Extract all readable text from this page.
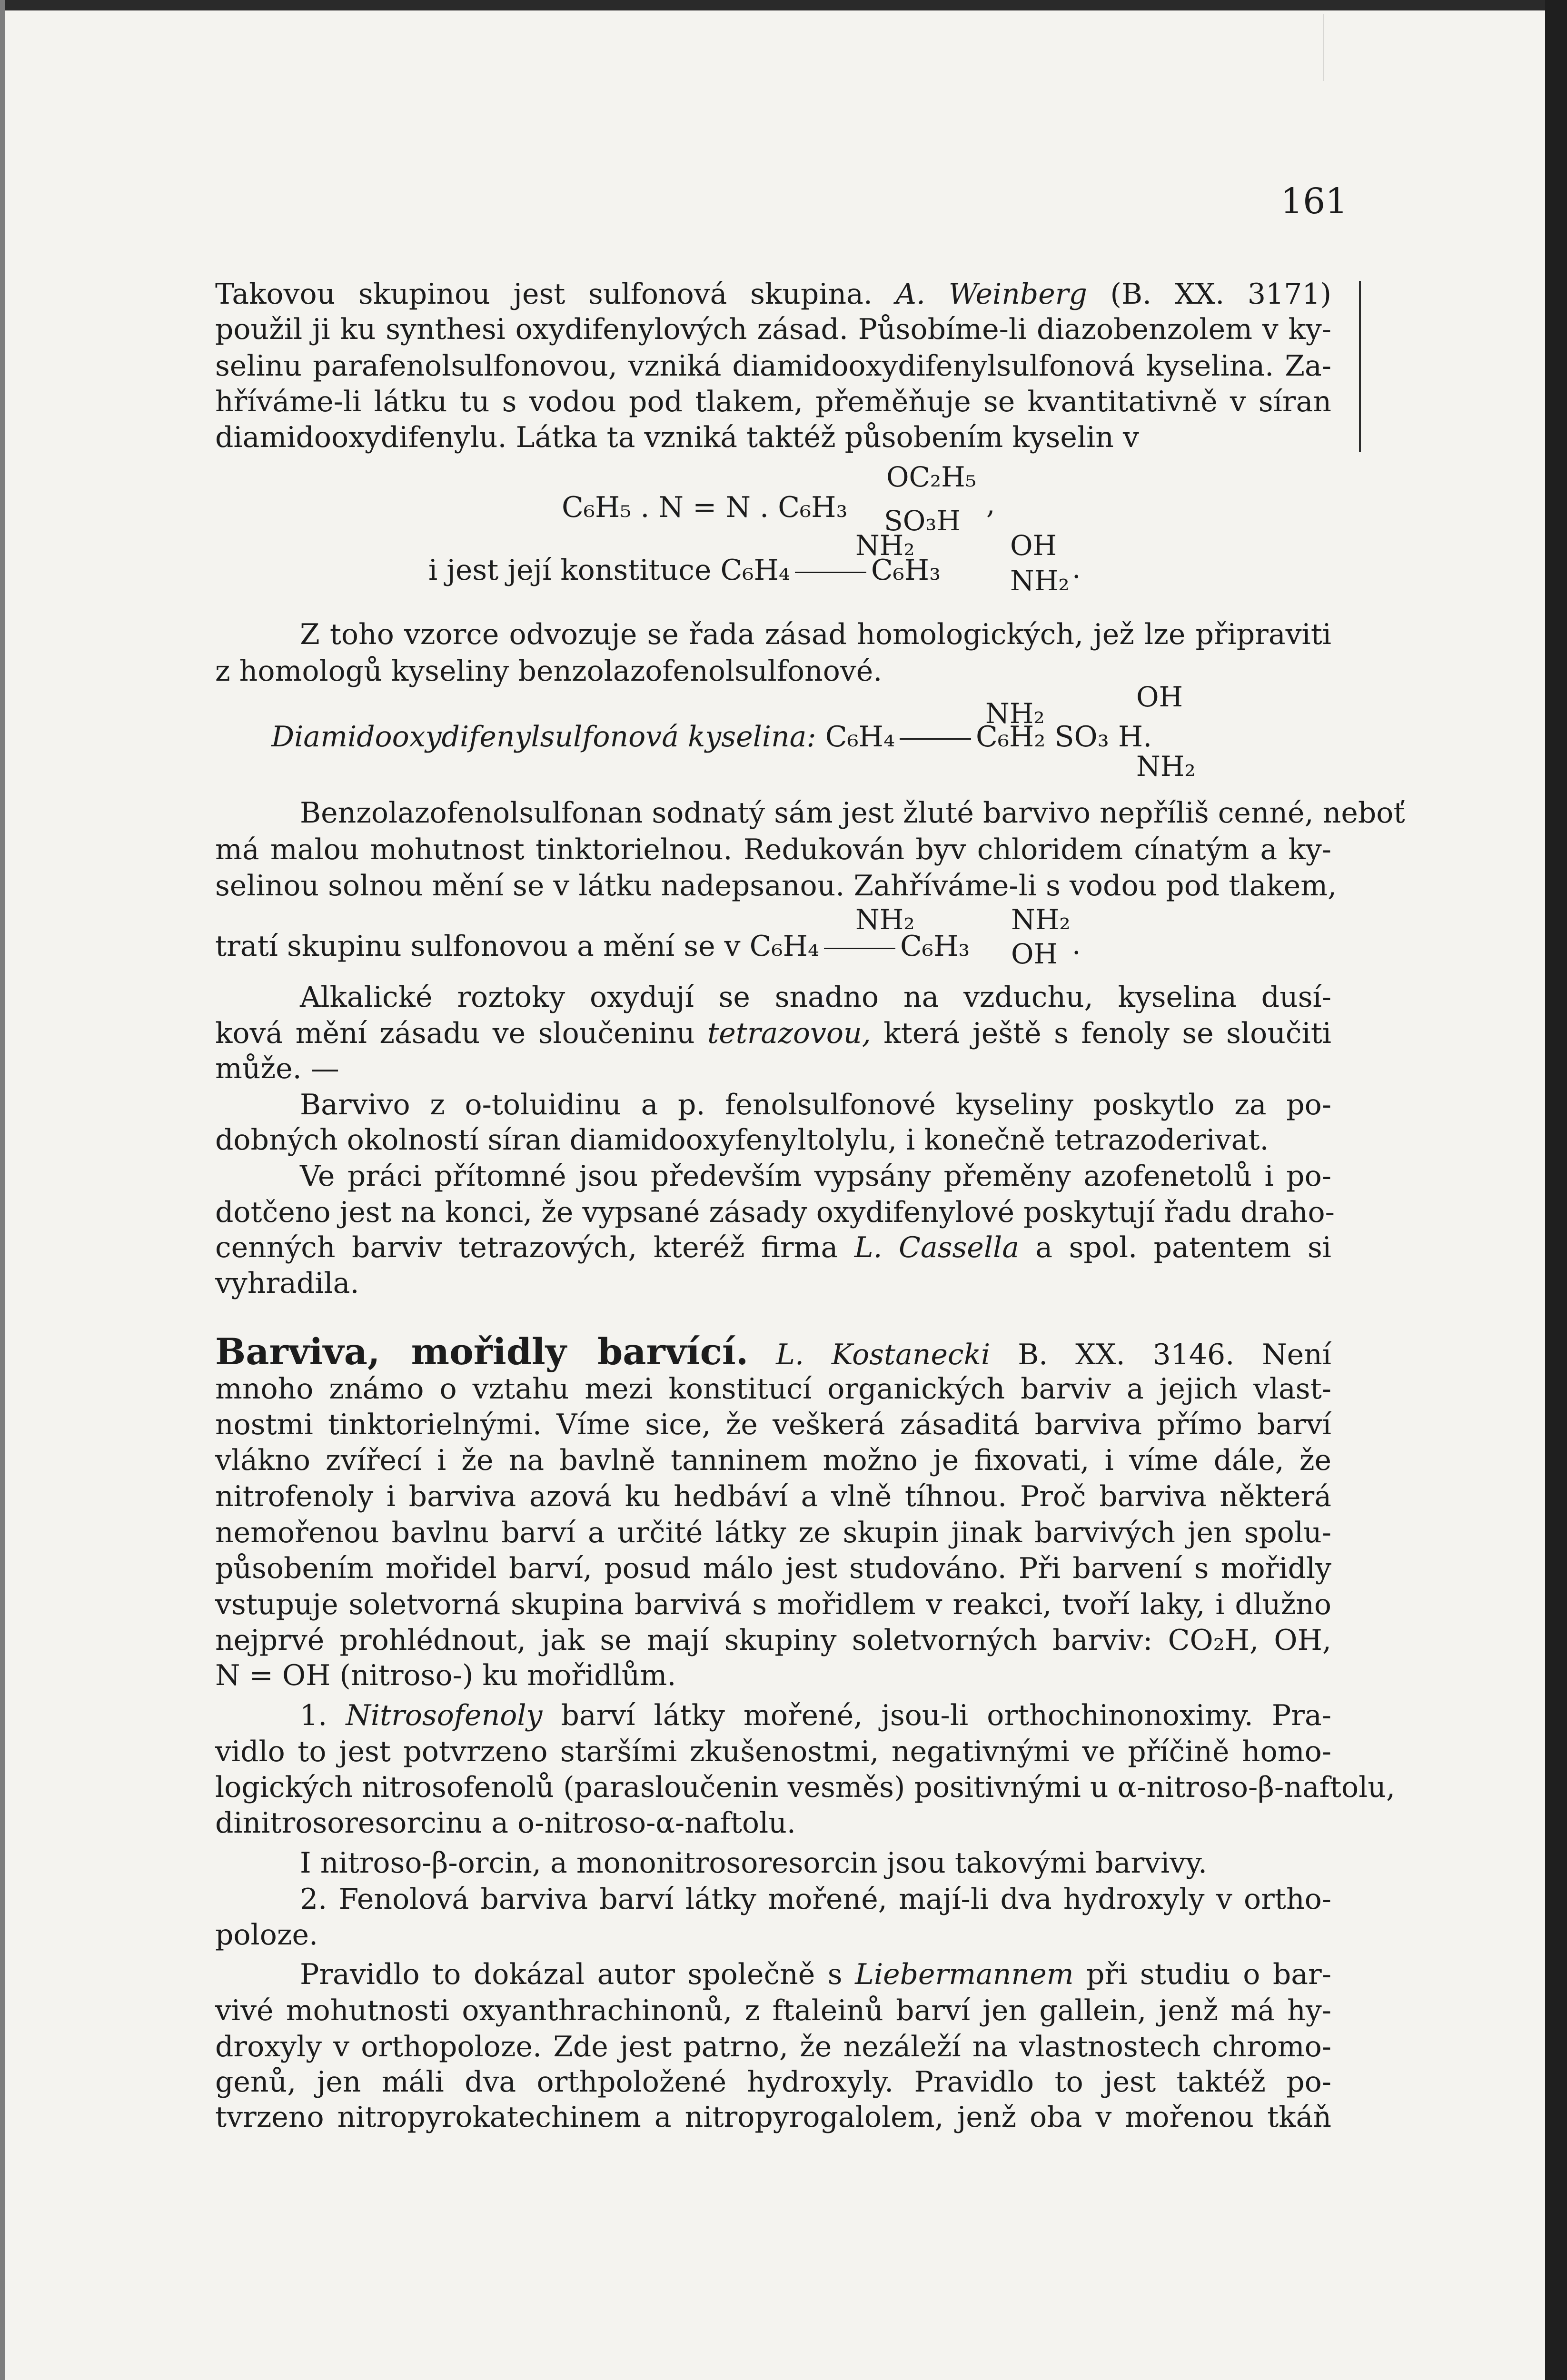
161
Takovou skupinou jest sulfonová skupina. A. Weinberg (B. XX. 3171)
použil ji ku synthesi oxydifenylových zásad. Působíme-li diazobenzolem v ky-
selinu parafenolsulfonovou, vzniká diamidooxydifenylsulfonová kyselina. Za-
hříváme-li látku tu s vodou pod tlakem, přeměňuje se kvantitativně v síran
diamidooxydifenylu. Látka ta vzniká taktéž působením kyselin v
C₆H₅ . N = N . C₆H₃
OC₂H₅
SO₃H
,
i jest její konstituce C₆H₄	C₆H₃
NH₂	OH
NH₂ .
Z toho vzorce odvozuje se řada zásad homologických, jež lze připraviti
z homologů kyseliny benzolazofenolsulfonové.
OH
Diamidooxydifenylsulfonová kyselina: C₆H₄	C₆H₂ SO₃ H.
NH₂
NH₂
Benzolazofenolsulfonan sodnatý sám jest žluté barvivo nepříliš cenné, neboť
má malou mohutnost tinktorielnou. Redukován byv chloridem cínatým a ky-
selinou solnou mění se v látku nadepsanou. Zahříváme-li s vodou pod tlakem,
tratí skupinu sulfonovou a mění se v C₆H₄	C₆H₃
NH₂	NH₂
OH .
Alkalické roztoky oxydují se snadno na vzduchu, kyselina dusí-
ková mění zásadu ve sloučeninu tetrazovou, která ještě s fenoly se sloučiti
může. —
Barvivo z o-toluidinu a p. fenolsulfonové kyseliny poskytlo za po-
dobných okolností síran diamidooxyfenyltolylu, i konečně tetrazoderivat.
Ve práci přítomné jsou především vypsány přeměny azofenetolů i po-
dotčeno jest na konci, že vypsané zásady oxydifenylové poskytují řadu draho-
cenných barviv tetrazových, kteréž firma L. Cassella a spol. patentem si
vyhradila.
Barviva, mořidly barvící. L. Kostanecki B. XX. 3146. Není
mnoho známo o vztahu mezi konstitucí organických barviv a jejich vlast-
nostmi tinktorielnými. Víme sice, že veškerá zásaditá barviva přímo barví
vlákno zvířecí i že na bavlně tanninem možno je fixovati, i víme dále, že
nitrofenoly i barviva azová ku hedbáví a vlně tíhnou. Proč barviva některá
nemořenou bavlnu barví a určité látky ze skupin jinak barvivých jen spolu-
působením mořidel barví, posud málo jest studováno. Při barvení s mořidly
vstupuje soletvorná skupina barvivá s mořidlem v reakci, tvoří laky, i dlužno
nejprvé prohlédnout, jak se mají skupiny soletvorných barviv: CO₂H, OH,
N = OH (nitroso-) ku mořidlům.
1. Nitrosofenoly barví látky mořené, jsou-li orthochinonoximy. Pra-
vidlo to jest potvrzeno staršími zkušenostmi, negativnými ve příčině homo-
logických nitrosofenolů (parasloučenin vesměs) positivnými u α-nitroso-β-naftolu,
dinitrosoresorcinu a o-nitroso-α-naftolu.
I nitroso-β-orcin, a mononitrosoresorcin jsou takovými barvivy.
2. Fenolová barviva barví látky mořené, mají-li dva hydroxyly v ortho-
poloze.
Pravidlo to dokázal autor společně s Liebermannem při studiu o bar-
vivé mohutnosti oxyanthrachinonů, z ftaleinů barví jen gallein, jenž má hy-
droxyly v orthopoloze. Zde jest patrno, že nezáleží na vlastnostech chromo-
genů, jen máli dva orthpoložené hydroxyly. Pravidlo to jest taktéž po-
tvrzeno nitropyrokatechinem a nitropyrogalolem, jenž oba v mořenou tkáň
